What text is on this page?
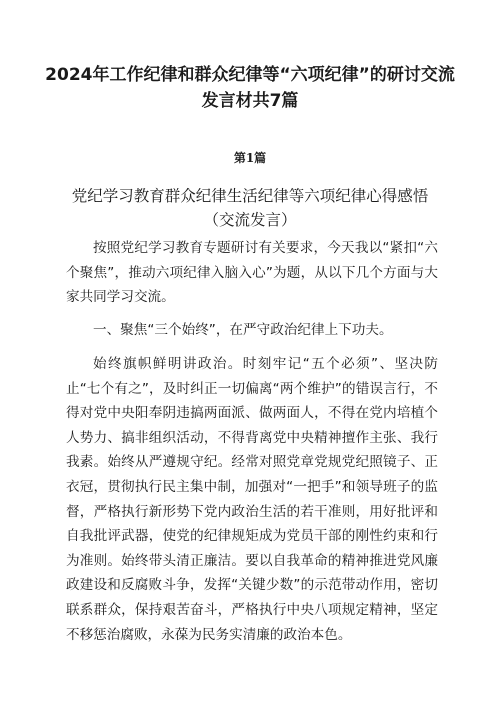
2024年工作纪律和群众纪律等“六项纪律”的研讨交流发言材共7篇
第1篇
党纪学习教育群众纪律生活纪律等六项纪律心得感悟（交流发言）

按照党纪学习教育专题研讨有关要求，今天我以“紧扣“六个聚焦”，推动六项纪律入脑入心”为题，从以下几个方面与大家共同学习交流。

一、聚焦“三个始终”，在严守政治纪律上下功夫。

始终旗帜鲜明讲政治。时刻牢记“五个必须”、坚决防止“七个有之”，及时纠正一切偏离“两个维护”的错误言行，不得对党中央阳奉阴违搞两面派、做两面人，不得在党内培植个人势力、搞非组织活动，不得背离党中央精神擅作主张、我行我素。始终从严遵规守纪。经常对照党章党规党纪照镜子、正衣冠，贯彻执行民主集中制，加强对“一把手”和领导班子的监督，严格执行新形势下党内政治生活的若干准则，用好批评和自我批评武器，使党的纪律规矩成为党员干部的刚性约束和行为准则。始终带头清正廉洁。要以自我革命的精神推进党风廉政建设和反腐败斗争，发挥“关键少数”的示范带动作用，密切联系群众，保持艰苦奋斗，严格执行中央八项规定精神，坚定不移惩治腐败，永葆为民务实清廉的政治本色。
